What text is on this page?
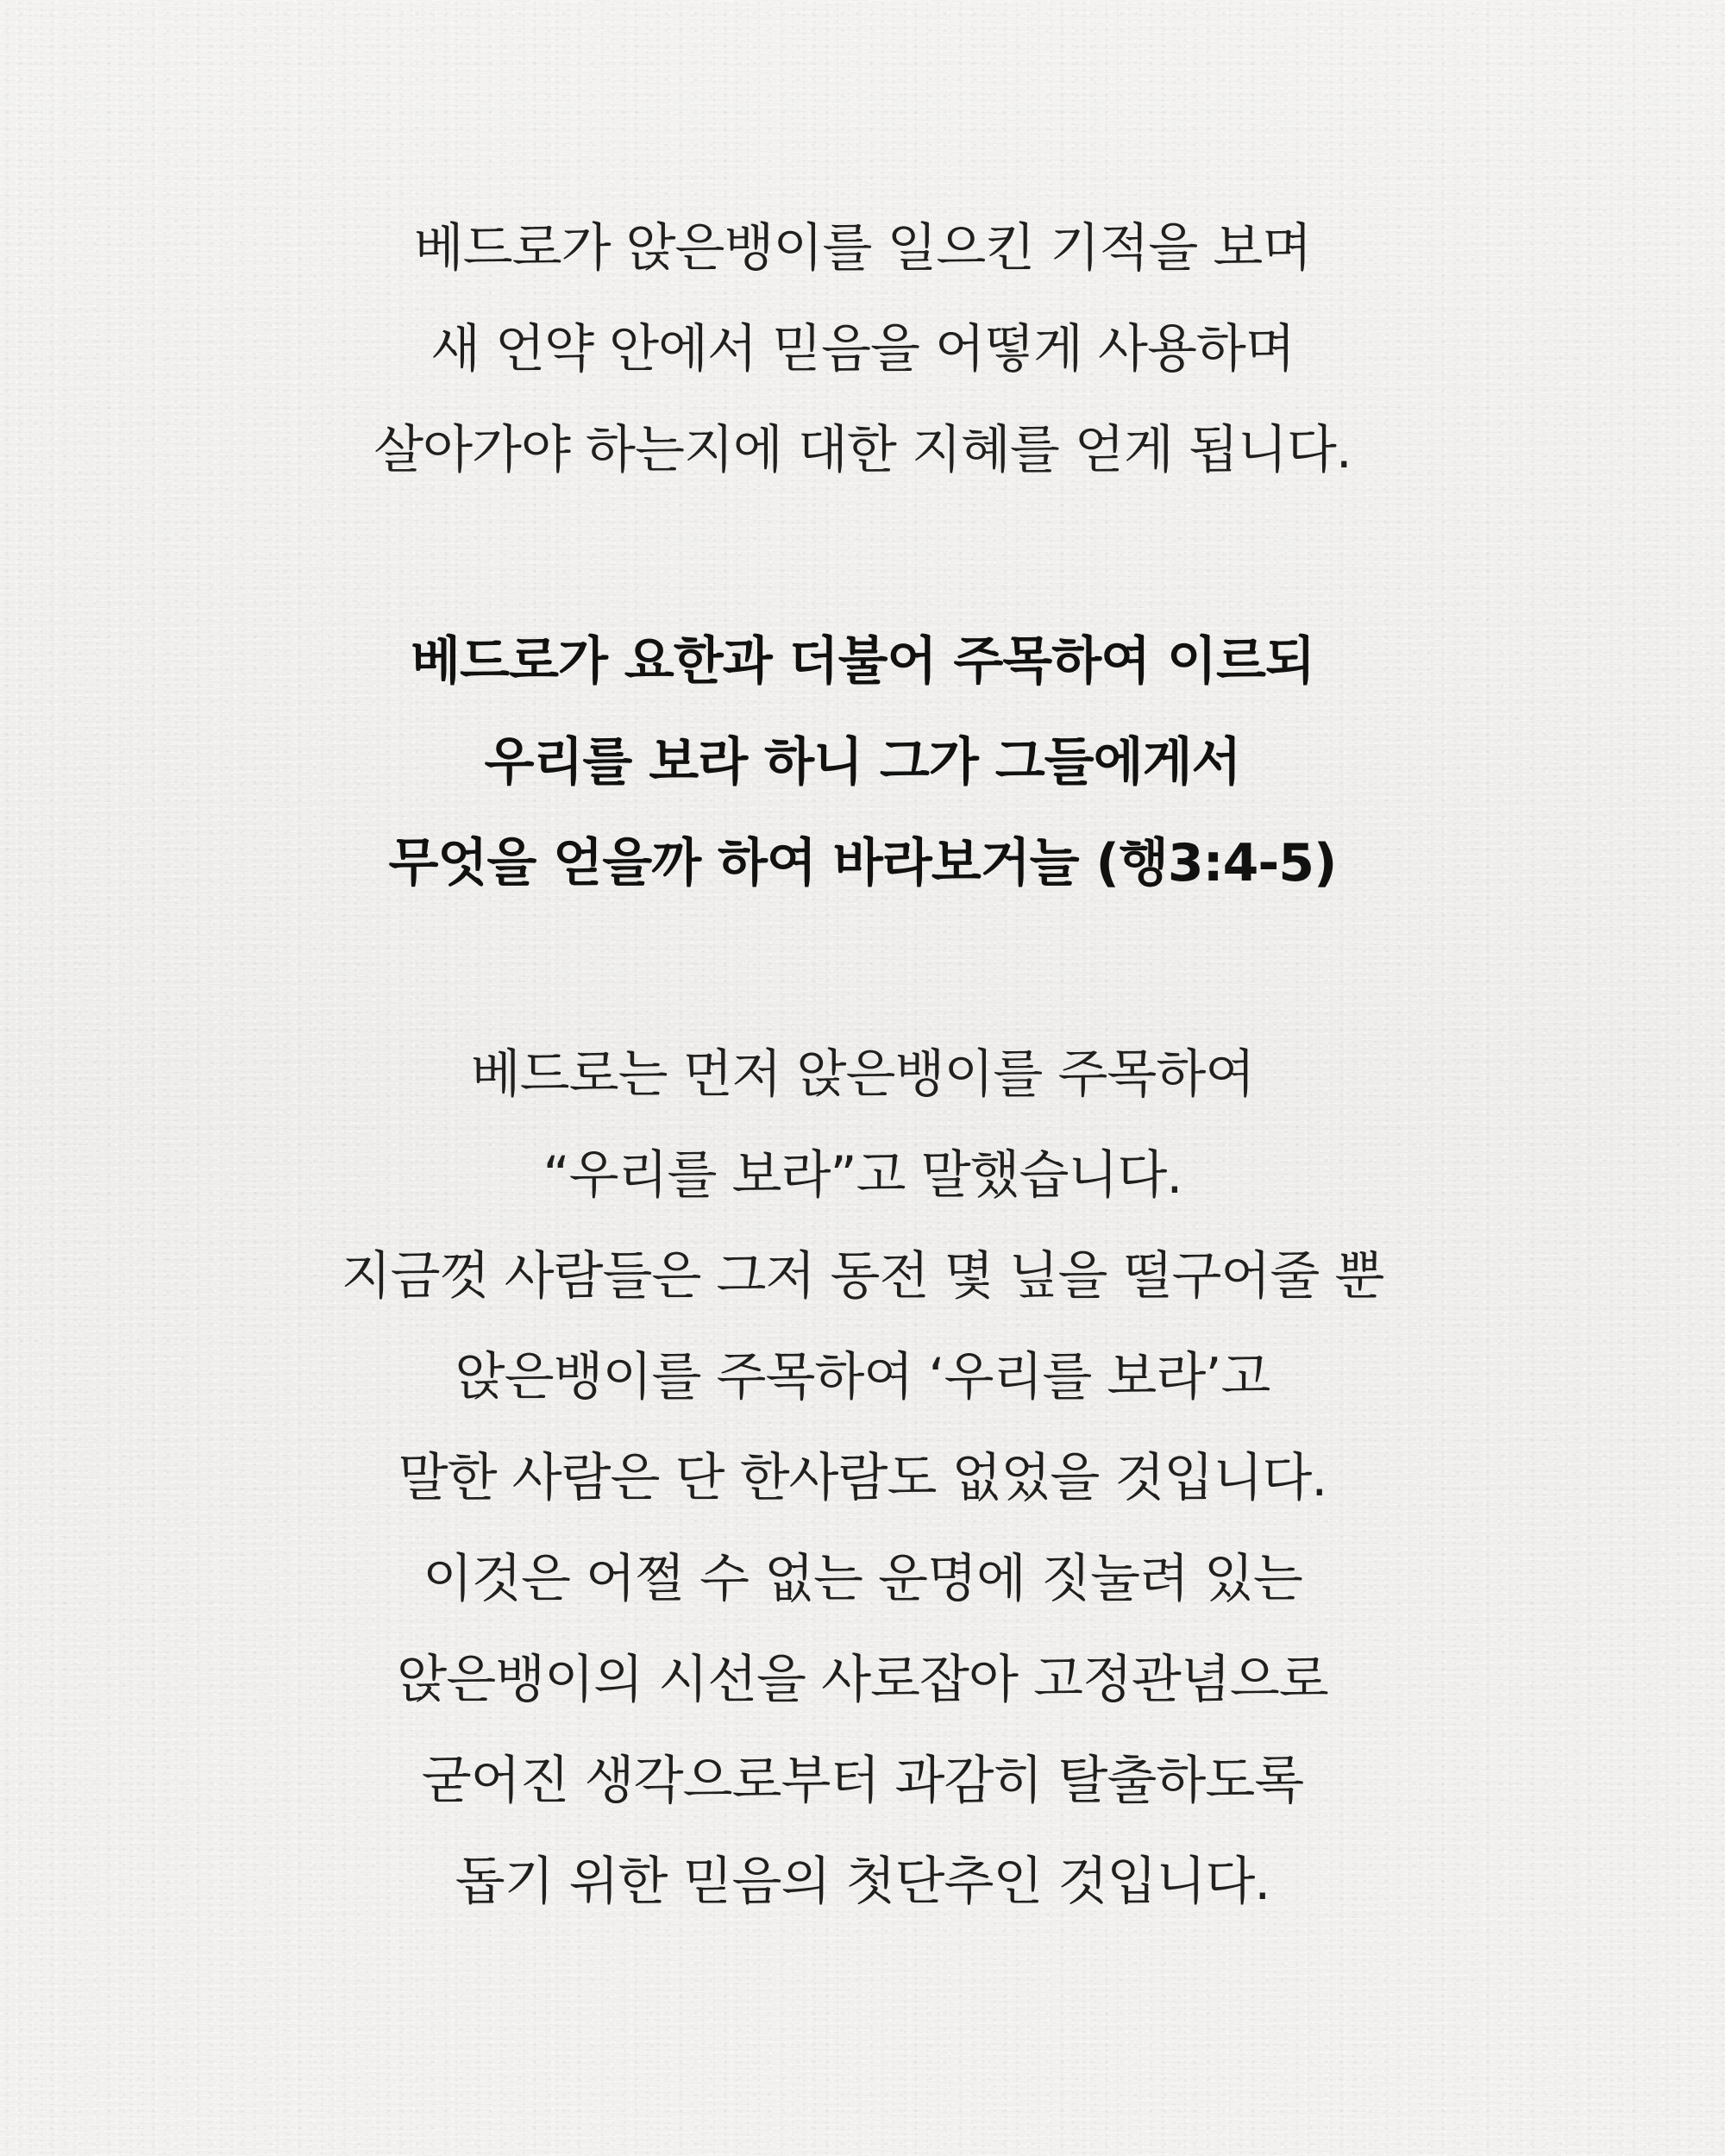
베드로가 앉은뱅이를 일으킨 기적을 보며
새 언약 안에서 믿음을 어떻게 사용하며
살아가야 하는지에 대한 지혜를 얻게 됩니다.
베드로가 요한과 더불어 주목하여 이르되
우리를 보라 하니 그가 그들에게서
무엇을 얻을까 하여 바라보거늘 (행3:4-5)
베드로는 먼저 앉은뱅이를 주목하여
“우리를 보라”고 말했습니다.
지금껏 사람들은 그저 동전 몇 닢을 떨구어줄 뿐
앉은뱅이를 주목하여 ‘우리를 보라’고
말한 사람은 단 한사람도 없었을 것입니다.
이것은 어쩔 수 없는 운명에 짓눌려 있는
앉은뱅이의 시선을 사로잡아 고정관념으로
굳어진 생각으로부터 과감히 탈출하도록
돕기 위한 믿음의 첫단추인 것입니다.
